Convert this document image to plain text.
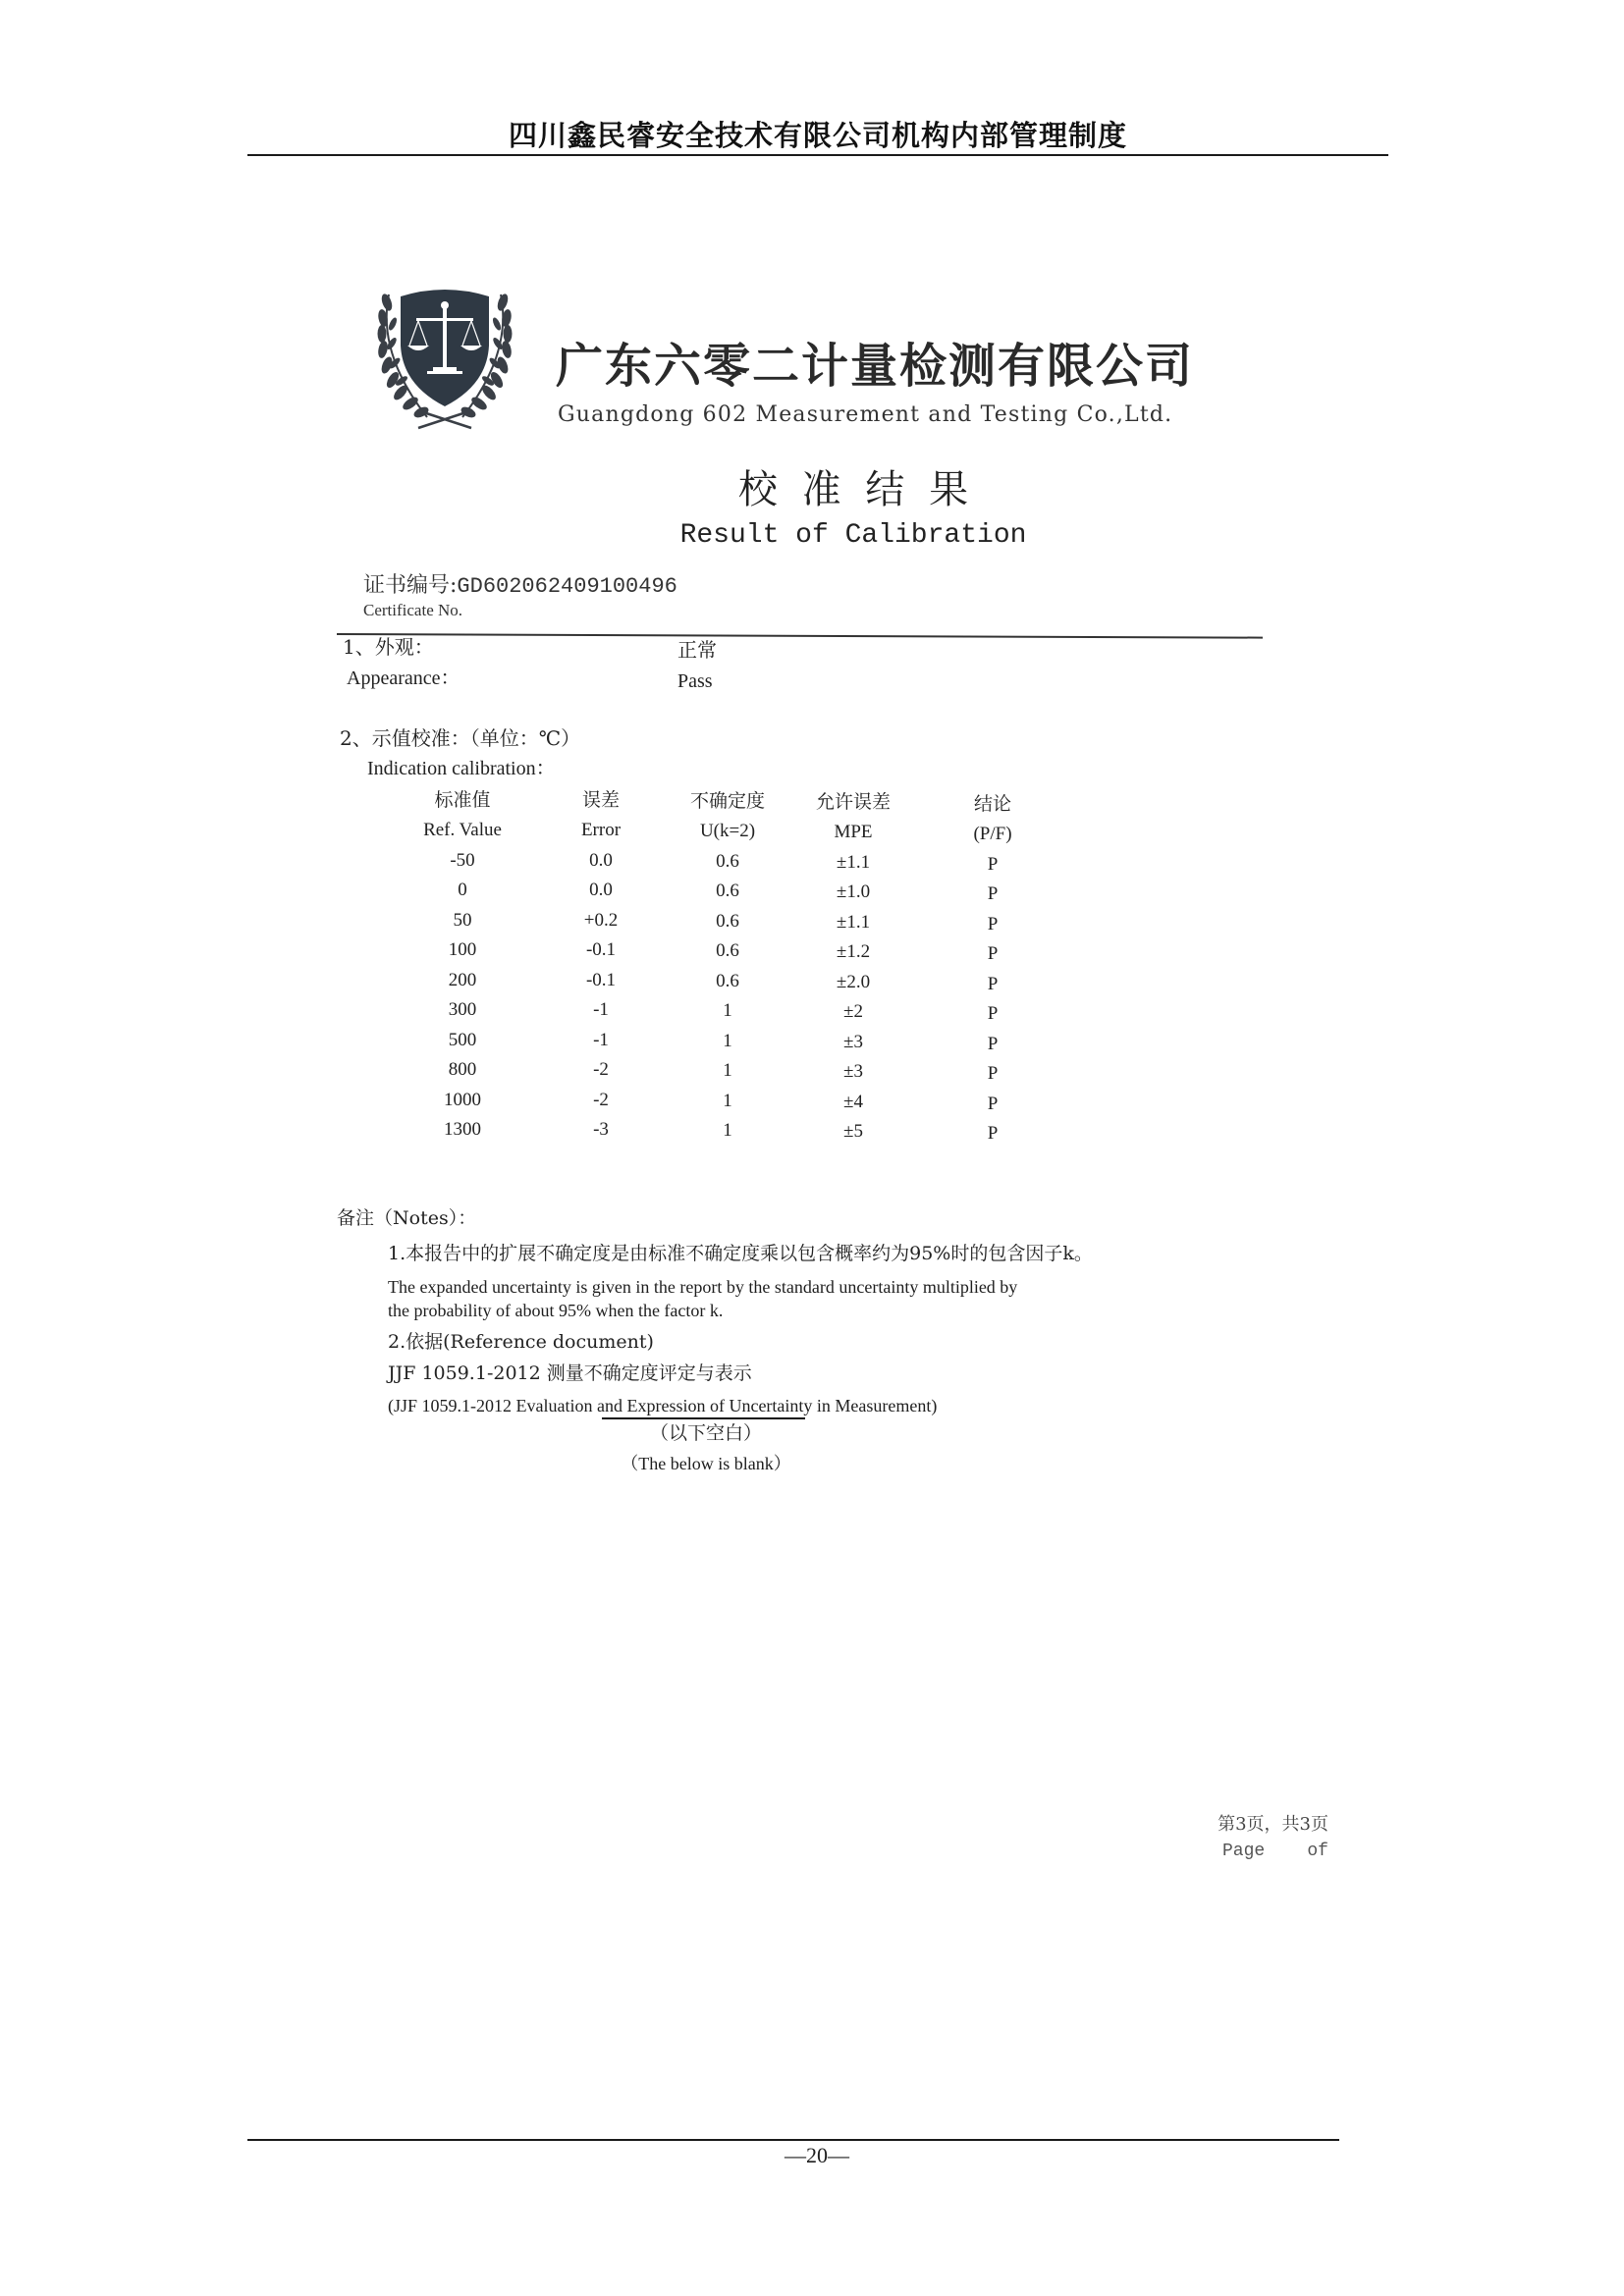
四川鑫民睿安全技术有限公司机构内部管理制度
广东六零二计量检测有限公司
Guangdong 602 Measurement and Testing Co.,Ltd.
校 准 结 果
Result of Calibration
证书编号:GD602062409100496
Certificate No.
1、外观：	正常
Appearance：	Pass
2、示值校准：（单位：℃）
Indication calibration：
标准值	误差	不确定度	允许误差	结论
Ref. Value	Error	U(k=2)	MPE	(P/F)
-50	0.0	0.6	±1.1	P
0	0.0	0.6	±1.0	P
50	+0.2	0.6	±1.1	P
100	-0.1	0.6	±1.2	P
200	-0.1	0.6	±2.0	P
300	-1	1	±2	P
500	-1	1	±3	P
800	-2	1	±3	P
1000	-2	1	±4	P
1300	-3	1	±5	P
备注（Notes）：
1.本报告中的扩展不确定度是由标准不确定度乘以包含概率约为95%时的包含因子k。
The expanded uncertainty is given in the report by the standard uncertainty multiplied by
the probability of about 95% when the factor k.
2.依据(Reference document)
JJF 1059.1-2012 测量不确定度评定与表示
(JJF 1059.1-2012 Evaluation and Expression of Uncertainty in Measurement)
（以下空白）
（The below is blank）
第3页，共3页
Page    of
—20—
